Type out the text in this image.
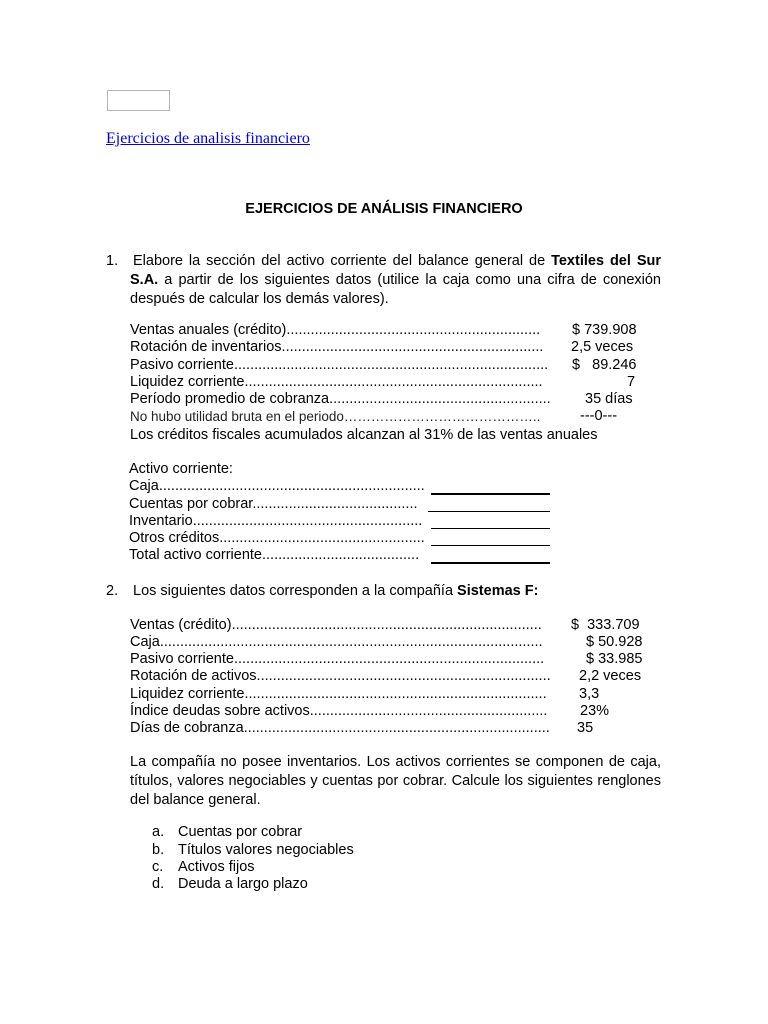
Ejercicios de analisis financiero
EJERCICIOS DE ANÁLISIS FINANCIERO
1. Elabore la sección del activo corriente del balance general de Textiles del Sur S.A. a partir de los siguientes datos (utilice la caja como una cifra de conexión después de calcular los demás valores).
Ventas anuales (crédito)............................................................... $ 739.908
Rotación de inventarios................................................................. 2,5 veces
Pasivo corriente.............................................................................. $   89.246
Liquidez corriente..........................................................................	7
Período promedio de cobranza....................................................... 35 días
No hubo utilidad bruta en el periodo……………………………………..	---0---
Los créditos fiscales acumulados alcanzan al 31% de las ventas anuales
Activo corriente:
Caja..................................................................
Cuentas por cobrar.........................................
Inventario.........................................................
Otros créditos...................................................
Total activo corriente.......................................
2. Los siguientes datos corresponden a la compañía Sistemas F:
Ventas (crédito)............................................................................. $  333.709
Caja...............................................................................................	$ 50.928
Pasivo corriente.............................................................................	$ 33.985
Rotación de activos......................................................................... 2,2 veces
Liquidez corriente........................................................................... 3,3
Índice deudas sobre activos........................................................... 23%
Días de cobranza............................................................................ 35
La compañía no posee inventarios. Los activos corrientes se componen de caja, títulos, valores negociables y cuentas por cobrar. Calcule los siguientes renglones del balance general.
a. Cuentas por cobrar
b. Títulos valores negociables
c. Activos fijos
d. Deuda a largo plazo
